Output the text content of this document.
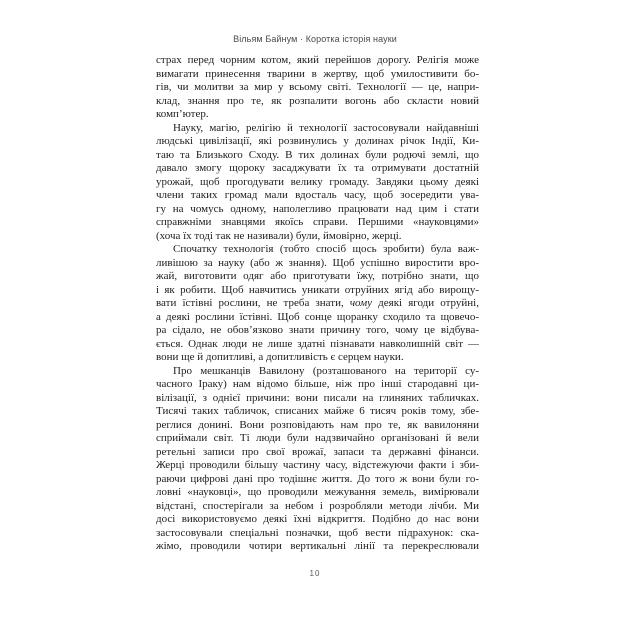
Вільям Байнум · Коротка історія науки
страх перед чорним котом, який перейшов дорогу. Релігія може
вимагати принесення тварини в жертву, щоб умилостивити бо-
гів, чи молитви за мир у всьому світі. Технології — це, напри-
клад, знання про те, як розпалити вогонь або скласти новий
комп’ютер.
Науку, магію, релігію й технології застосовували найдавніші
людські цивілізації, які розвинулись у долинах річок Індії, Ки-
таю та Близького Сходу. В тих долинах були родючі землі, що
давало змогу щороку засаджувати їх та отримувати достатній
урожай, щоб прогодувати велику громаду. Завдяки цьому деякі
члени таких громад мали вдосталь часу, щоб зосередити ува-
гу на чомусь одному, наполегливо працювати над цим і стати
справжніми знавцями якоїсь справи. Першими «науковцями»
(хоча їх тоді так не називали) були, ймовірно, жерці.
Спочатку технологія (тобто спосіб щось зробити) була важ-
ливішою за науку (або ж знання). Щоб успішно виростити вро-
жай, виготовити одяг або приготувати їжу, потрібно знати, що
і як робити. Щоб навчитись уникати отруйних ягід або вирощу-
вати їстівні рослини, не треба знати, чому деякі ягоди отруйні,
а деякі рослини їстівні. Щоб сонце щоранку сходило та щовечо-
ра сідало, не обов’язково знати причину того, чому це відбува-
ється. Однак люди не лише здатні пізнавати навколишній світ —
вони ще й допитливі, а допитливість є серцем науки.
Про мешканців Вавилону (розташованого на території су-
часного Іраку) нам відомо більше, ніж про інші стародавні ци-
вілізації, з однієї причини: вони писали на глиняних табличках.
Тисячі таких табличок, списаних майже 6 тисяч років тому, збе-
реглися донині. Вони розповідають нам про те, як вавилоняни
сприймали світ. Ті люди були надзвичайно організовані й вели
ретельні записи про свої врожаї, запаси та державні фінанси.
Жерці проводили більшу частину часу, відстежуючи факти і зби-
раючи цифрові дані про тодішнє життя. До того ж вони були го-
ловні «науковці», що проводили межування земель, вимірювали
відстані, спостерігали за небом і розробляли методи лічби. Ми
досі використовуємо деякі їхні відкриття. Подібно до нас вони
застосовували спеціальні позначки, щоб вести підрахунок: ска-
жімо, проводили чотири вертикальні лінії та перекреслювали
10
